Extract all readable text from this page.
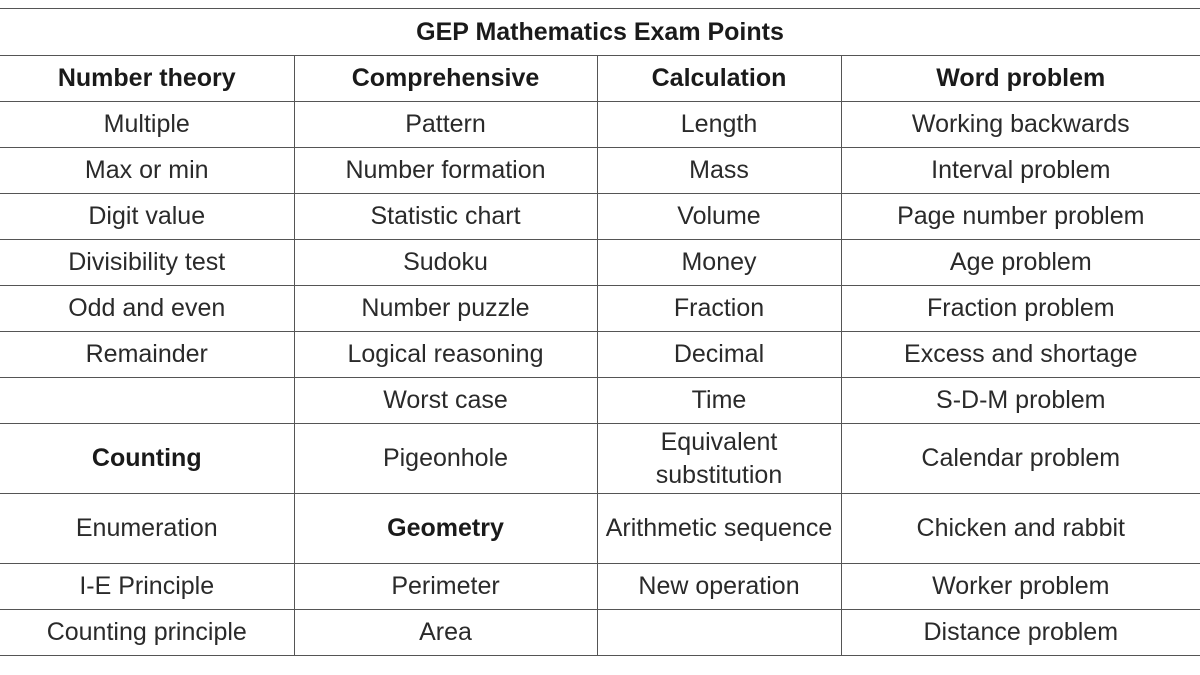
GEP Mathematics Exam Points			
Number theory	Comprehensive	Calculation	Word problem
Multiple	Pattern	Length	Working backwards
Max or min	Number formation	Mass	Interval problem
Digit value	Statistic chart	Volume	Page number problem
Divisibility test	Sudoku	Money	Age problem
Odd and even	Number puzzle	Fraction	Fraction problem
Remainder	Logical reasoning	Decimal	Excess and shortage
	Worst case	Time	S-D-M problem
Counting	Pigeonhole	Equivalent substitution	Calendar problem
Enumeration	Geometry	Arithmetic sequence	Chicken and rabbit
I-E Principle	Perimeter	New operation	Worker problem
Counting principle	Area		Distance problem
